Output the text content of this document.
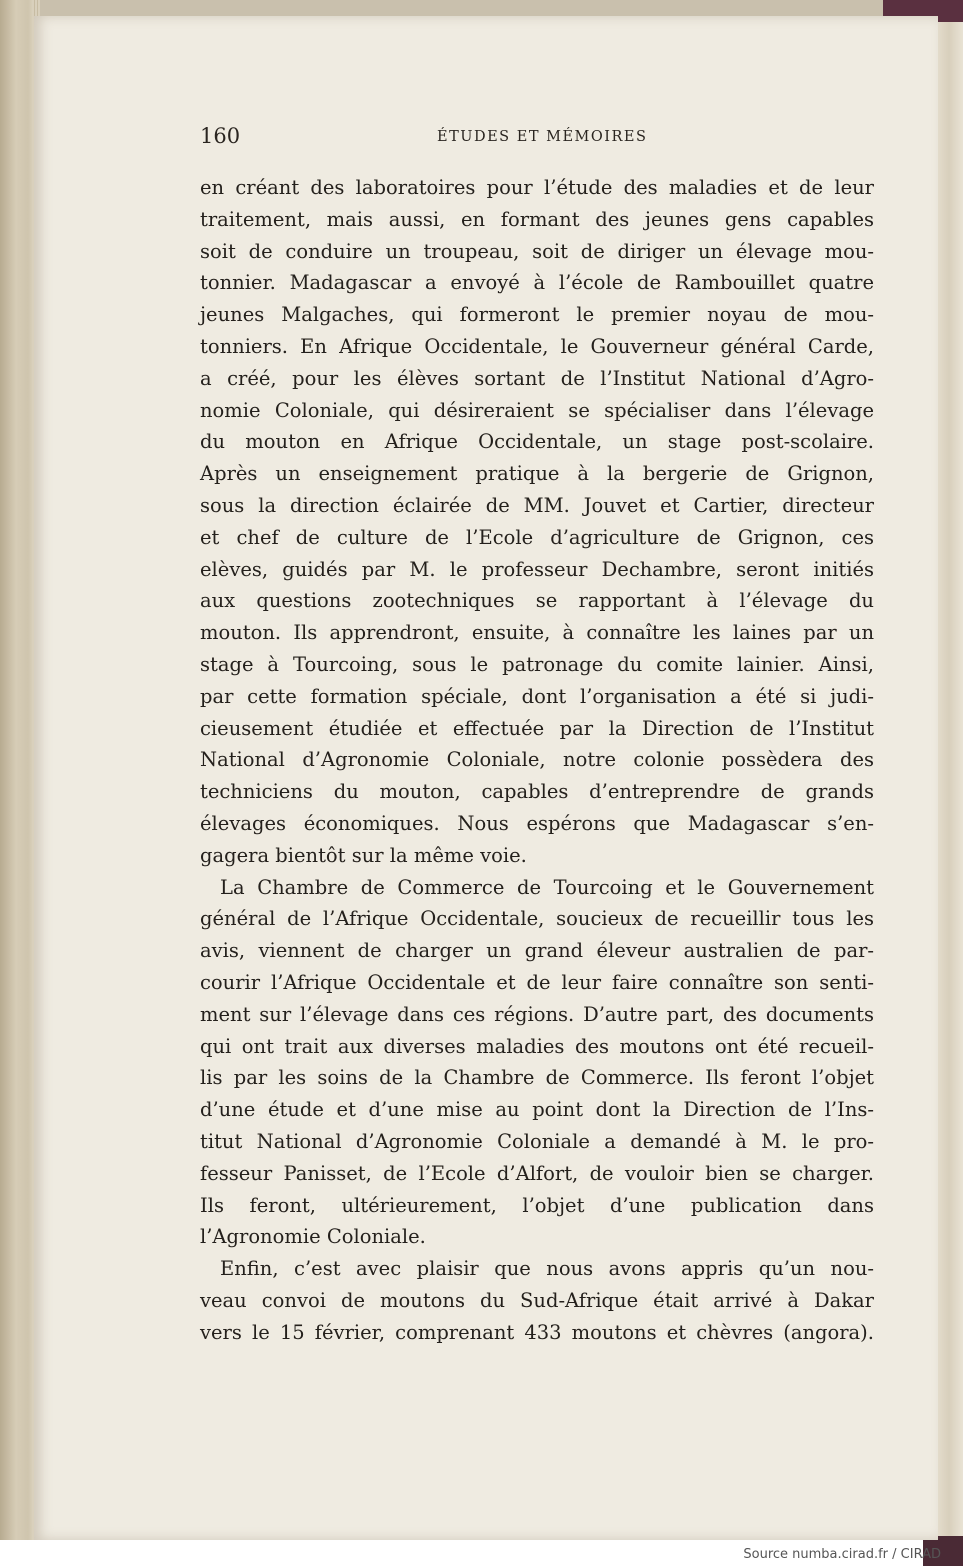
160	ÉTUDES ET MÉMOIRES
en créant des laboratoires pour l’étude des maladies et de leur
traitement, mais aussi, en formant des jeunes gens capables
soit de conduire un troupeau, soit de diriger un élevage mou-
tonnier. Madagascar a envoyé à l’école de Rambouillet quatre
jeunes Malgaches, qui formeront le premier noyau de mou-
tonniers. En Afrique Occidentale, le Gouverneur général Carde,
a créé, pour les élèves sortant de l’Institut National d’Agro-
nomie Coloniale, qui désireraient se spécialiser dans l’élevage
du mouton en Afrique Occidentale, un stage post-scolaire.
Après un enseignement pratique à la bergerie de Grignon,
sous la direction éclairée de MM. Jouvet et Cartier, directeur
et chef de culture de l’Ecole d’agriculture de Grignon, ces
elèves, guidés par M. le professeur Dechambre, seront initiés
aux questions zootechniques se rapportant à l’élevage du
mouton. Ils apprendront, ensuite, à connaître les laines par un
stage à Tourcoing, sous le patronage du comite lainier. Ainsi,
par cette formation spéciale, dont l’organisation a été si judi-
cieusement étudiée et effectuée par la Direction de l’Institut
National d’Agronomie Coloniale, notre colonie possèdera des
techniciens du mouton, capables d’entreprendre de grands
élevages économiques. Nous espérons que Madagascar s’en-
gagera bientôt sur la même voie.
La Chambre de Commerce de Tourcoing et le Gouvernement
général de l’Afrique Occidentale, soucieux de recueillir tous les
avis, viennent de charger un grand éleveur australien de par-
courir l’Afrique Occidentale et de leur faire connaître son senti-
ment sur l’élevage dans ces régions. D’autre part, des documents
qui ont trait aux diverses maladies des moutons ont été recueil-
lis par les soins de la Chambre de Commerce. Ils feront l’objet
d’une étude et d’une mise au point dont la Direction de l’Ins-
titut National d’Agronomie Coloniale a demandé à M. le pro-
fesseur Panisset, de l’Ecole d’Alfort, de vouloir bien se charger.
Ils feront, ultérieurement, l’objet d’une publication dans
l’Agronomie Coloniale.
Enfin, c’est avec plaisir que nous avons appris qu’un nou-
veau convoi de moutons du Sud-Afrique était arrivé à Dakar
vers le 15 février, comprenant 433 moutons et chèvres (angora).
Source numba.cirad.fr / CIRAD
